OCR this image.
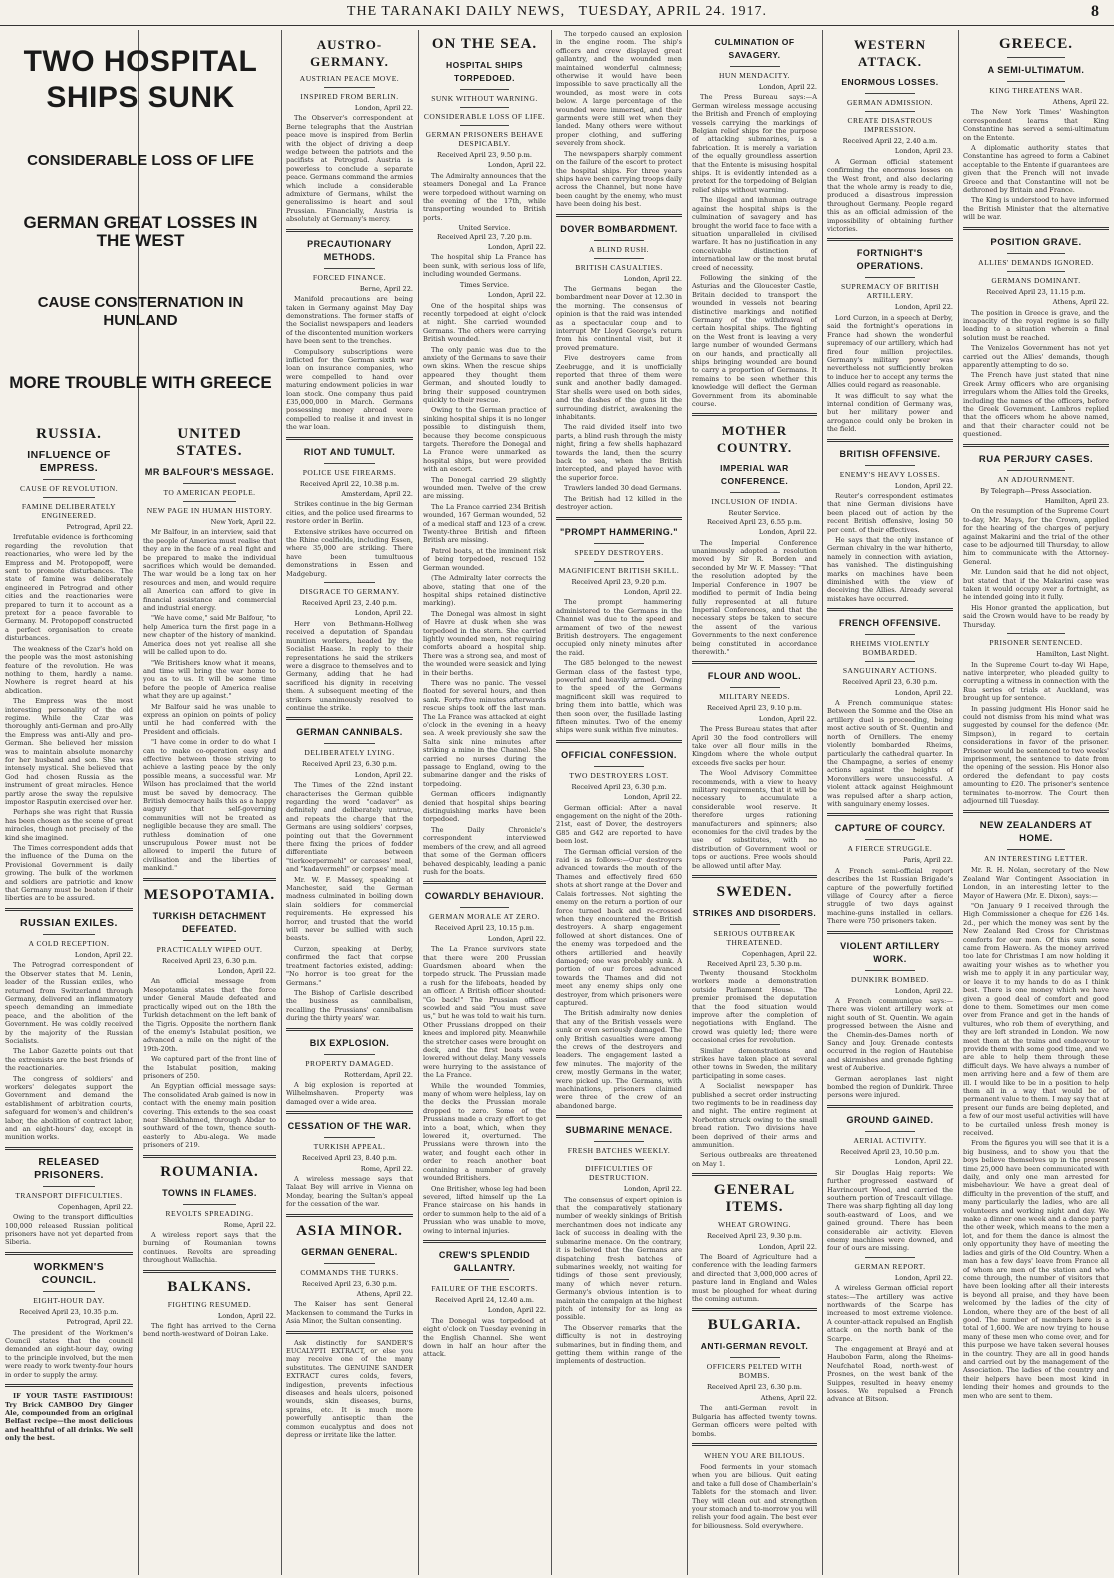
THE TARANAKI DAILY NEWS, TUESDAY, APRIL 24. 1917.	8
TWO HOSPITAL SHIPS SUNK
CONSIDERABLE LOSS OF LIFE
GERMAN GREAT LOSSES IN THE WEST
CAUSE CONSTERNATION IN HUNLAND
MORE TROUBLE WITH GREECE
RUSSIA.
INFLUENCE OF EMPRESS.
CAUSE OF REVOLUTION.
FAMINE DELIBERATELY ENGINEERED.
Petrograd, April 22.
Irrefutable evidence is forthcoming regarding the revolution that reactionaries, who were led by the Empress and M. Protopopoff, were sent to promote disturbances. The state of famine was deliberately engineered in Petrograd and other cities and the reactionaries were prepared to turn it to account as a pretext for a peace favorable to Germany. M. Protopopoff constructed a perfect organisation to create disturbances.
The weakness of the Czar's hold on the people was the most astonishing feature of the revolution. He was nothing to them, hardly a name. Nowhere is regret heard at his abdication.
The Empress was the most interesting personality of the old regime. While the Czar was thoroughly anti-German and pro-Ally the Empress was anti-Ally and pro-German. She believed her mission was to maintain absolute monarchy for her husband and son. She was intensely mystical. She believed that God had chosen Russia as the instrument of great miracles. Hence partly arose the sway the repulsive impostor Rasputin exercised over her.
Perhaps she was right that Russia has been chosen as the scene of great miracles, though not precisely of the kind she imagined.
The Times correspondent adds that the influence of the Duma on the Provisional Government is daily growing. The bulk of the workmen and soldiers are patriotic and know that Germany must be beaten if their liberties are to be assured.
RUSSIAN EXILES.
A COLD RECEPTION.
London, April 22.
The Petrograd correspondent of the Observer states that M. Lenin, leader of the Russian exiles, who returned from Switzerland through Germany, delivered an inflammatory speech demanding an immediate peace, and the abolition of the Government. He was coldly received by the majority of the Russian Socialists.
The Labor Gazette points out that the extremists are the best friends of the reactionaries.
The congress of soldiers' and workers' delegates support the Government and demand the establishment of arbitration courts, safeguard for women's and children's labor, the abolition of contract labor, and an eight-hours' day, except in munition works.
RELEASED PRISONERS.
TRANSPORT DIFFICULTIES.
Copenhagen, April 22.
Owing to the transport difficulties 100,000 released Russian political prisoners have not yet departed from Siberia.
WORKMEN'S COUNCIL.
EIGHT-HOUR DAY.
Received April 23, 10.35 p.m.
Petrograd, April 22.
The president of the Workmen's Council states that the council demanded an eight-hour day, owing to the principle involved, but the men were ready to work twenty-four hours in order to supply the army.
IF YOUR TASTE FASTIDIOUS! Try Brick CAMBOO Dry Ginger Ale, compounded from an original Belfast recipe—the most delicious and healthful of all drinks. We sell only the best.
UNITED STATES.
MR BALFOUR'S MESSAGE.
TO AMERICAN PEOPLE.
NEW PAGE IN HUMAN HISTORY.
New York, April 22.
Mr Balfour, in an interview, said that the people of America must realise that they are in the face of a real fight and be prepared to make the individual sacrifices which would be demanded. The war would be a long tax on her resources and men, and would require all America can afford to give in financial assistance and commercial and industrial energy.
"We have come," said Mr Balfour, "to help America turn the first page in a new chapter of the history of mankind. America does not yet realise all she will be called upon to do.
"We Britishers know what it means, and time will bring the war home to you as to us. It will be some time before the people of America realise what they are up against."
Mr Balfour said he was unable to express an opinion on points of policy until he had conferred with the President and officials.
"I have come in order to do what I can to make co-operation easy and effective between those striving to achieve a lasting peace by the only possible means, a successful war. Mr Wilson has proclaimed that the world must be saved by democracy. The British democracy hails this as a happy augury that self-governing communities will not be treated as negligible because they are small. The ruthless domination of one unscrupulous Power must not be allowed to imperil the future of civilisation and the liberties of mankind."
MESOPOTAMIA.
TURKISH DETACHMENT DEFEATED.
PRACTICALLY WIPED OUT.
Received April 23, 6.30 p.m.
London, April 22.
An official message from Mesopotamia states that the force under General Maude defeated and practically wiped out on the 18th the Turkish detachment on the left bank of the Tigris. Opposite the northern flank of the enemy's Istabulat position, we advanced a mile on the night of the 19th-20th.
We captured part of the front line of the Istabulat position, making prisoners of 250.
An Egyptian official message says: The consolidated Arab gained is now in contact with the enemy main position covering. This extends to the sea coast near Sheikhahmed, through Abdar to southward of the town, thence south-easterly to Abu-alega. We made prisoners of 219.
ROUMANIA.
TOWNS IN FLAMES.
REVOLTS SPREADING.
Rome, April 22.
A wireless report says that the burning of Roumanian towns continues. Revolts are spreading throughout Wallachia.
BALKANS.
FIGHTING RESUMED.
London, April 22.
The fight has arrived to the Cerna bend north-westward of Doiran Lake.
AUSTRO-GERMANY.
AUSTRIAN PEACE MOVE.
INSPIRED FROM BERLIN.
London, April 22.
The Observer's correspondent at Berne telegraphs that the Austrian peace move is inspired from Berlin with the object of driving a deep wedge between the patriots and the pacifists at Petrograd. Austria is powerless to conclude a separate peace. Germans command the armies which include a considerable admixture of Germans, whilst the generalissimo is heart and soul Prussian. Financially, Austria is absolutely at Germany's mercy.
PRECAUTIONARY METHODS.
FORCED FINANCE.
Berne, April 22.
Manifold precautions are being taken in Germany against May Day demonstrations. The former staffs of the Socialist newspapers and leaders of the discontented munition workers have been sent to the trenches.
Compulsory subscriptions were inflicted for the German sixth war loan on insurance companies, who were compelled to hand over maturing endowment policies in war loan stock. One company thus paid £35,000,000 in March. Germans possessing money abroad were compelled to realise it and invest in the war loan.
RIOT AND TUMULT.
POLICE USE FIREARMS.
Received April 22, 10.38 p.m.
Amsterdam, April 22.
Strikes continue in the big German cities, and the police used firearms to restore order in Berlin.
Extensive strikes have occurred on the Rhine coalfields, including Essen, where 35,000 are striking. There have been tumultuous demonstrations in Essen and Madgeburg.
DISGRACE TO GERMANY.
Received April 23, 2.40 p.m.
London, April 22.
Herr von Bethmann-Hollweg received a deputation of Spandau munition workers, headed by the Socialist Haase. In reply to their representations he said the strikers were a disgrace to themselves and to Germany, adding that he had sacrificed his dignity in receiving them. A subsequent meeting of the strikers unanimously resolved to continue the strike.
GERMAN CANNIBALS.
DELIBERATELY LYING.
Received April 23, 6.30 p.m.
London, April 22.
The Times of the 22nd instant characterises the German quibble regarding the word "cadaver" as definitely and deliberately untrue, and repeats the charge that the Germans are using soldiers' corpses, pointing out that the Government there fixing the prices of fodder differentiate between "tierkoerpermehl" or carcases' meal, and "kadavermehl" or corpses' meal.
Mr. W. F. Massey, speaking at Manchester, said the German madness culminated in boiling down slain soldiers for commercial requirements. He expressed his horror, and trusted that the world will never be sullied with such beasts.
Curzon, speaking at Derby, confirmed the fact that corpse treatment factories existed, adding: "No horror is too great for the Germans."
The Bishop of Carlisle described the business as cannibalism, recalling the Prussians' cannibalism during the thirty years' war.
BIX EXPLOSION.
PROPERTY DAMAGED.
Rotterdam, April 22.
A big explosion is reported at Wilhelmshaven. Property was damaged over a wide area.
CESSATION OF THE WAR.
TURKISH APPEAL.
Received April 23, 8.40 p.m.
Rome, April 22.
A wireless message says that Talaat Bey will arrive in Vienna on Monday, bearing the Sultan's appeal for the cessation of the war.
ASIA MINOR.
GERMAN GENERAL.
COMMANDS THE TURKS.
Received April 23, 6.30 p.m.
Athens, April 22.
The Kaiser has sent General Mackensen to command the Turks in Asia Minor, the Sultan consenting.
Ask distinctly for SANDER'S EUCALYPTI EXTRACT, or else you may receive one of the many substitutes. The GENUINE SANDER EXTRACT cures colds, fevers, indigestion, prevents infectious diseases and heals ulcers, poisoned wounds, skin diseases, burns, sprains, etc. It is much more powerfully antiseptic than the common eucalyptus and does not depress or irritate like the latter.
ON THE SEA.
HOSPITAL SHIPS TORPEDOED.
SUNK WITHOUT WARNING.
CONSIDERABLE LOSS OF LIFE.
GERMAN PRISONERS BEHAVE DESPICABLY.
Received April 23, 9.50 p.m.
London, April 22.
The Admiralty announces that the steamers Donegal and La France were torpedoed without warning on the evening of the 17th, while transporting wounded to British ports.
United Service.
Received April 23, 7.20 p.m.
London, April 22.
The hospital ship La France has been sunk, with serious loss of life, including wounded Germans.
Times Service.
London, April 22.
One of the hospital ships was recently torpedoed at eight o'clock at night. She carried wounded Germans. The others were carrying British wounded.
The only panic was due to the anxiety of the Germans to save their own skins. When the rescue ships appeared they thought them German, and shouted loudly to bring their supposed countrymen quickly to their rescue.
Owing to the German practice of sinking hospital ships it is no longer possible to distinguish them, because they become conspicuous targets. Therefore the Donegal and La France were unmarked as hospital ships, but were provided with an escort.
The Donegal carried 29 slightly wounded men. Twelve of the crew are missing.
The La France carried 234 British wounded, 167 German wounded, 52 of a medical staff and 123 of a crew. Twenty-three British and fifteen British are missing.
Patrol boats, at the imminent risk of being torpedoed, rescued 152 German wounded.
(The Admiralty later corrects the above, stating that one of the hospital ships retained distinctive marking).
The Donegal was almost in sight of Havre at dusk when she was torpedoed in the stern. She carried lightly wounded men, not requiring comforts aboard a hospital ship. There was a strong sea, and most of the wounded were seasick and lying in their berths.
There was no panic. The vessel floated for several hours, and then sank. Forty-five minutes afterwards rescue ships took off the last man. The La France was attacked at eight o'clock in the evening in a heavy sea. A week previously she saw the Salta sink nine minutes after striking a mine in the Channel. She carried no nurses during the passage to England, owing to the submarine danger and the risks of torpedoing.
German officers indignantly denied that hospital ships bearing distinguishing marks have been torpedoed.
The Daily Chronicle's correspondent interviewed members of the crew, and all agreed that some of the German officers behaved despicably, leading a panic rush for the boats.
COWARDLY BEHAVIOUR.
GERMAN MORALE AT ZERO.
Received April 23, 10.15 p.m.
London, April 22.
The La France survivors state that there were 200 Prussian Guardsmen aboard when the torpedo struck. The Prussian made a rush for the lifeboats, headed by an officer. A British officer shouted: "Go back!" The Prussian officer scowled and said "You must save us," but he was told to wait his turn. Other Prussians dropped on their knees and implored pity. Meanwhile the stretcher cases were brought on deck, and the first boats were lowered without delay. Many vessels were hurrying to the assistance of the La France.
While the wounded Tommies, many of whom were helpless, lay on the decks the Prussian morale dropped to zero. Some of the Prussians made a crazy effort to get into a boat, which, when they lowered it, overturned. The Prussians were thrown into the water, and fought each other in order to reach another boat containing a number of gravely wounded Britishers.
One Britisher, whose leg had been severed, lifted himself up the La France staircase on his hands in order to summon help to the aid of a Prussian who was unable to move, owing to internal injuries.
CREW'S SPLENDID GALLANTRY.
FAILURE OF THE ESCORTS.
Received April 24, 12.40 a.m.
London, April 22.
The Donegal was torpedoed at eight o'clock on Tuesday evening in the English Channel. She went down in half an hour after the attack.
The torpedo caused an explosion in the engine room. The ship's officers and crew displayed great gallantry, and the wounded men maintained wonderful calmness; otherwise it would have been impossible to save practically all the wounded, as most were in cots below. A large percentage of the wounded were immersed, and their garments were still wet when they landed. Many others were without proper clothing, and suffering severely from shock.
The newspapers sharply comment on the failure of the escort to protect the hospital ships. For three years ships have been carrying troops daily across the Channel, but none have been caught by the enemy, who must have been doing his best.
DOVER BOMBARDMENT.
A BLIND RUSH.
BRITISH CASUALTIES.
London, April 22.
The Germans began the bombardment near Dover at 12.30 in the morning. The consensus of opinion is that the raid was intended as a spectacular coup and to interrupt Mr Lloyd George's return from his continental visit, but it proved premature.
Five destroyers came from Zeebrugge, and it is unofficially reported that three of them were sunk and another badly damaged. Star shells were used on both sides, and the dashes of the guns lit the surrounding district, awakening the inhabitants.
The raid divided itself into two parts, a blind rush through the misty night, firing a few shells haphazard towards the land, then the scurry back to sea, when the British intercepted, and played havoc with the superior force.
Trawlers landed 30 dead Germans.
The British had 12 killed in the destroyer action.
"PROMPT HAMMERING."
SPEEDY DESTROYERS.
MAGNIFICENT BRITISH SKILL.
Received April 23, 9.20 p.m.
London, April 22.
The prompt hammering administered to the Germans in the Channel was due to the speed and armament of two of the newest British destroyers. The engagement occupied only ninety minutes after the raid.
The G85 belonged to the newest German class of the fastest type, powerful and heavily armed. Owing to the speed of the Germans magnificent skill was required to bring them into battle, which was then soon over, the fusillade lasting fifteen minutes. Two of the enemy ships were sunk within five minutes.
OFFICIAL CONFESSION.
TWO DESTROYERS LOST.
Received April 23, 6.30 p.m.
London, April 22.
German official: After a naval engagement on the night of the 20th-21st, east of Dover, the destroyers G85 and G42 are reported to have been lost.
The German official version of the raid is as follows:—Our destroyers advanced towards the mouth of the Thames and effectively fired 650 shots at short range at the Dover and Calais fortresses. Not sighting the enemy on the return a portion of our force turned back and re-crossed when they encountered the British destroyers. A sharp engagement followed at short distances. One of the enemy was torpedoed and the others artilleried and heavily damaged; one was probably sunk. A portion of our forces advanced towards the Thames and did not meet any enemy ships only one destroyer, from which prisoners were captured.
The British admiralty now denies that any of the British vessels were sunk or even seriously damaged. The only British casualties were among the crews of the destroyers and leaders. The engagement lasted a few minutes. The majority of the crew, mostly Germans in the water, were picked up. The Germans, with machinations, prisoners claimed were three of the crew of an abandoned barge.
SUBMARINE MENACE.
FRESH BATCHES WEEKLY.
DIFFICULTIES OF DESTRUCTION.
London, April 22.
The consensus of expert opinion is that the comparatively stationary number of weekly sinkings of British merchantmen does not indicate any lack of success in dealing with the submarine menace. On the contrary, it is believed that the Germans are dispatching fresh batches of submarines weekly, not waiting for tidings of those sent previously, many of which never return. Germany's obvious intention is to maintain the campaign at the highest pitch of intensity for as long as possible.
The Observer remarks that the difficulty is not in destroying submarines, but in finding them, and getting them within range of the implements of destruction.
CULMINATION OF SAVAGERY.
HUN MENDACITY.
London, April 22.
The Press Bureau says:—A German wireless message accusing the British and French of employing vessels carrying the markings of Belgian relief ships for the purpose of attacking submarines, is a fabrication. It is merely a variation of the equally groundless assertion that the Entente is misusing hospital ships. It is evidently intended as a pretext for the torpedoing of Belgian relief ships without warning.
The illegal and inhuman outrage against the hospital ships is the culmination of savagery and has brought the world face to face with a situation unparalleled in civilised warfare. It has no justification in any conceivable distinction of international law or the most brutal creed of necessity.
Following the sinking of the Asturias and the Gloucester Castle, Britain decided to transport the wounded in vessels not bearing distinctive markings and notified Germany of the withdrawal of certain hospital ships. The fighting on the West front is leaving a very large number of wounded Germans on our hands, and practically all ships bringing wounded are bound to carry a proportion of Germans. It remains to be seen whether this knowledge will deflect the German Government from its abominable course.
MOTHER COUNTRY.
IMPERIAL WAR CONFERENCE.
INCLUSION OF INDIA.
Reuter Service.
Received April 23, 6.55 p.m.
London, April 22.
The Imperial Conference unanimously adopted a resolution moved by Sir R. Borden and seconded by Mr W. F. Massey: "That the resolution adopted by the Imperial Conference in 1907 be modified to permit of India being fully represented at all future Imperial Conferences, and that the necessary steps be taken to secure the assent of the various Governments to the next conference being constituted in accordance therewith."
FLOUR AND WOOL.
MILITARY NEEDS.
Received April 23, 9.10 p.m.
London, April 22.
The Press Bureau states that after April 30 the food controllers will take over all flour mills in the Kingdom where the whole output exceeds five sacks per hour.
The Wool Advisory Committee recommends, with a view to heavy military requirements, that it will be necessary to accumulate a considerable wool reserve. It therefore urges rationing manufacturers and spinners; also economies for the civil trades by the use of substitutes, with no distribution of Government wool or tops or auctions. Free wools should be allowed until after May.
SWEDEN.
STRIKES AND DISORDERS.
SERIOUS OUTBREAK THREATENED.
Copenhagen, April 22.
Received April 23, 5.30 p.m.
Twenty thousand Stockholm workers made a demonstration outside Parliament House. The premier promised the deputation that the food situation would improve after the completion of negotiations with England. The crowd was quietly led; there were occasional cries for revolution.
Similar demonstrations and strikes have taken place at several other towns in Sweden, the military participating in some cases.
A Socialist newspaper has published a secret order instructing two regiments to be in readiness day and night. The entire regiment at Norbotten struck owing to the small bread ration. Two divisions have been deprived of their arms and ammunition.
Serious outbreaks are threatened on May 1.
GENERAL ITEMS.
WHEAT GROWING.
Received April 23, 9.30 p.m.
London, April 22.
The Board of Agriculture had a conference with the leading farmers and directed that 3,000,000 acres of pasture land in England and Wales must be ploughed for wheat during the coming autumn.
BULGARIA.
ANTI-GERMAN REVOLT.
OFFICERS PELTED WITH BOMBS.
Received April 23, 6.30 p.m.
Athens, April 22.
The anti-German revolt in Bulgaria has affected twenty towns. German officers were pelted with bombs.
WHEN YOU ARE BILIOUS.
Food ferments in your stomach when you are bilious. Quit eating and take a full dose of Chamberlain's Tablets for the stomach and liver. They will clean out and strengthen your stomach and to-morrow you will relish your food again. The best ever for biliousness. Sold everywhere.
WESTERN ATTACK.
ENORMOUS LOSSES.
GERMAN ADMISSION.
CREATE DISASTROUS IMPRESSION.
Received April 22, 2.40 a.m.
London, April 23.
A German official statement confirming the enormous losses on the West front, and also declaring that the whole army is ready to die, produced a disastrous impression throughout Germany. People regard this as an official admission of the impossibility of obtaining further victories.
FORTNIGHT'S OPERATIONS.
SUPREMACY OF BRITISH ARTILLERY.
London, April 22.
Lord Curzon, in a speech at Derby, said the fortnight's operations in France had shown the wonderful supremacy of our artillery, which had fired four million projectiles. Germany's military power was nevertheless not sufficiently broken to induce her to accept any terms the Allies could regard as reasonable.
It was difficult to say what the internal condition of Germany was, but her military power and arrogance could only be broken in the field.
BRITISH OFFENSIVE.
ENEMY'S HEAVY LOSSES.
London, April 22.
Reuter's correspondent estimates that nine German divisions have been placed out of action by the recent British offensive, losing 50 per cent. of their effectives.
He says that the only instance of German chivalry in the war hitherto, namely in connection with aviation, has vanished. The distinguishing marks on machines have been diminished with the view of deceiving the Allies. Already several mistakes have occurred.
FRENCH OFFENSIVE.
RHEIMS VIOLENTLY BOMBARDED.
SANGUINARY ACTIONS.
Received April 23, 6.30 p.m.
London, April 22.
A French communique states: Between the Somme and the Oise an artillery duel is proceeding, being most active south of St. Quentin and north of Ornillers. The enemy violently bombarded Rheims, particularly the cathedral quarter. In the Champagne, a series of enemy actions against the heights of Moronvillers were unsuccessful. A violent attack against Heighmount was repulsed after a sharp action, with sanguinary enemy losses.
CAPTURE OF COURCY.
A FIERCE STRUGGLE.
Paris, April 22.
A French semi-official report describes the 1st Russian Brigade's capture of the powerfully fortified village of Courcy after a fierce struggle of two days against machine-guns installed in cellars. There were 750 prisoners taken.
VIOLENT ARTILLERY WORK.
DUNKIRK BOMBED.
London, April 22.
A French communique says:—There was violent artillery work at night south of St. Quentin. We again progressed between the Aisne and the Chemin-des-Dames north of Sancy and Jouy. Grenade contests occurred in the region of Hautebise and skirmishes and grenade fighting west of Auberive.
German aeroplanes last night bombed the region of Dunkirk. Three persons were injured.
GROUND GAINED.
AERIAL ACTIVITY.
Received April 23, 10.50 p.m.
London, April 22.
Sir Douglas Haig reports: We further progressed eastward of Havrincourt Wood, and carried the southern portion of Trescault village. There was sharp fighting all day long south-eastward of Loos, and we gained ground. There has been considerable air activity. Eleven enemy machines were downed, and four of ours are missing.
GERMAN REPORT.
London, April 22.
A wireless German official report states:—The artillery was active northwards of the Scarpe has increased to most extreme violence. A counter-attack repulsed an English attack on the north bank of the Scarpe.
The engagement at Brayé and at Haubobon Farm, along the Rheims-Neufchatel Road, north-west of Prosnes, on the west bank of the Suippes, resulted in heavy enemy losses. We repulsed a French advance at Bitson.
GREECE.
A SEMI-ULTIMATUM.
KING THREATENS WAR.
Athens, April 22.
The New York Times' Washington correspondent learns that King Constantine has served a semi-ultimatum on the Entente.
A diplomatic authority states that Constantine has agreed to form a Cabinet acceptable to the Entente if guarantees are given that the French will not invade Greece and that Constantine will not be dethroned by Britain and France.
The King is understood to have informed the British Minister that the alternative will be war.
POSITION GRAVE.
ALLIES' DEMANDS IGNORED.
GERMANS DOMINANT.
Received April 23, 11.15 p.m.
Athens, April 22.
The position in Greece is grave, and the incapacity of the royal regime is so fully leading to a situation wherein a final solution must be reached.
The Venizelos Government has not yet carried out the Allies' demands, though apparently attempting to do so.
The French have just stated that nine Greek Army officers who are organising irregulars whom the Allies told the Greeks, including the names of the officers, before the Greek Government. Lambros replied that the officers whom he above named, and that their character could not be questioned.
RUA PERJURY CASES.
AN ADJOURNMENT.
By Telegraph—Press Association.
Hamilton, April 23.
On the resumption of the Supreme Court to-day, Mr. Mays, for the Crown, applied for the hearing of the charges of perjury against Makarini and the trial of the other case to be adjourned till Thursday, to allow him to communicate with the Attorney-General.
Mr. Lundon said that he did not object, but stated that if the Makarini case was taken it would occupy over a fortnight, as he intended going into it fully.
His Honor granted the application, but said the Crown would have to be ready by Thursday.
PRISONER SENTENCED.
Hamilton, Last Night.
In the Supreme Court to-day Wi Hape, native interpreter, who pleaded guilty to corrupting a witness in connection with the Rua series of trials at Auckland, was brought up for sentence.
In passing judgment His Honor said he could not dismiss from his mind what was suggested by counsel for the defence (Mr. Simpson), in regard to certain considerations in favor of the prisoner. Prisoner would be sentenced to two weeks' imprisonment, the sentence to date from the opening of the session. His Honor also ordered the defendant to pay costs amounting to £20. The prisoner's sentence terminates to-morrow. The Court then adjourned till Tuesday.
NEW ZEALANDERS AT HOME.
AN INTERESTING LETTER.
Mr. R. H. Nolan, secretary of the New Zealand War Contingent Association in London, in an interesting letter to the Mayor of Hawera (Mr. E. Dixon), says:—
"On January 9 I received through the High Commissioner a cheque for £26 14s. 2d., per which the money was sent by the New Zealand Red Cross for Christmas comforts for our men. Of this sum some came from Hawera. As the money arrived too late for Christmas I am now holding it awaiting your wishes as to whether you wish me to apply it in any particular way, or leave it to my hands to do as I think best. There is one money which we have given a good deal of comfort and good done to them. Sometimes our men come over from France and get in the hands of vultures, who rob them of everything, and they are left stranded in London. We now meet them at the trains and endeavour to provide them with some good time, and we are able to help them through these difficult days. We have always a number of men arriving here and a few of them are ill. I would like to be in a position to help them all in a way that would be of permanent value to them. I may say that at present our funds are being depleted, and a few of our most useful activities will have to be curtailed unless fresh money is received.
From the figures you will see that it is a big business, and to show you that the boys believe themselves up in the present time 25,000 have been communicated with daily, and only one man arrested for misbehaviour. We have a great deal of difficulty in the prevention of the stuff, and many particularly the ladies, who are all volunteers and working night and day. We make a dinner one week and a dance party the other week, which means to the men a lot, and for them the dance is almost the only opportunity they have of meeting the ladies and girls of the Old Country. When a man has a few days' leave from France all of whom are men of the station and who come through, the number of visitors that have been looking after all their interests is beyond all praise, and they have been welcomed by the ladies of the city of London, where they are of the best of all good. The number of members here is a total of 1,600. We are now trying to house many of these men who come over, and for this purpose we have taken several houses in the country. They are all in good hands and carried out by the management of the Association. The ladies of the country and their helpers have been most kind in lending their homes and grounds to the men who are sent to them.
